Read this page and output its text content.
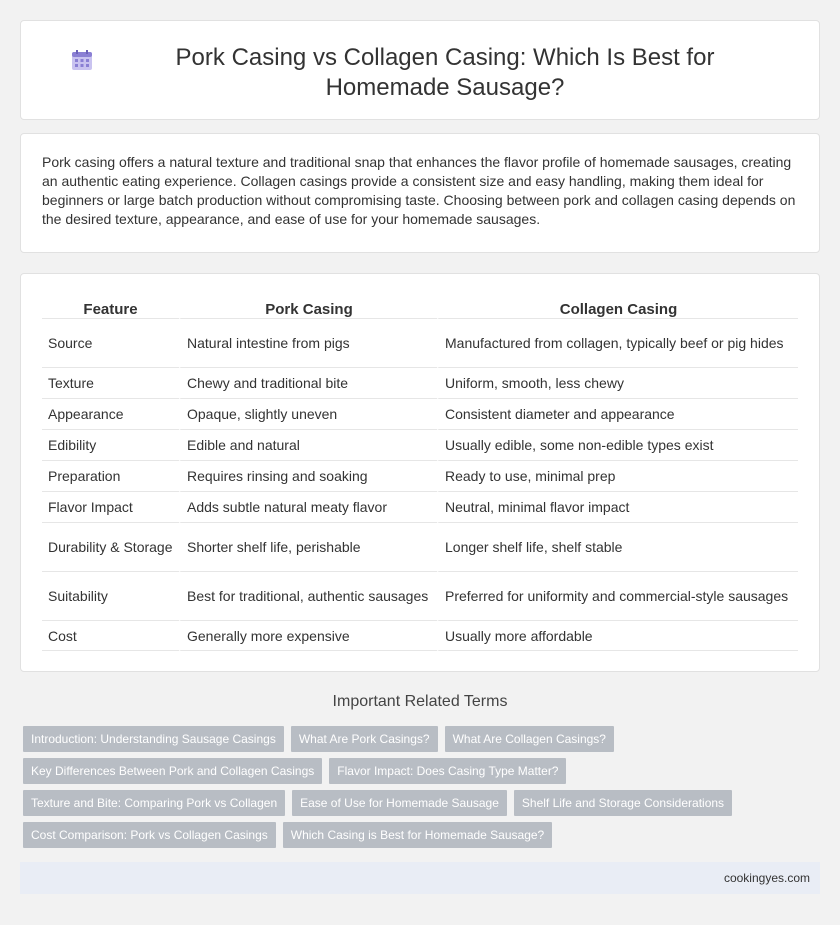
Pork Casing vs Collagen Casing: Which Is Best for Homemade Sausage?

Pork casing offers a natural texture and traditional snap that enhances the flavor profile of homemade sausages, creating an authentic eating experience. Collagen casings provide a consistent size and easy handling, making them ideal for beginners or large batch production without compromising taste. Choosing between pork and collagen casing depends on the desired texture, appearance, and ease of use for your homemade sausages.

Feature	Pork Casing	Collagen Casing
Source	Natural intestine from pigs	Manufactured from collagen, typically beef or pig hides
Texture	Chewy and traditional bite	Uniform, smooth, less chewy
Appearance	Opaque, slightly uneven	Consistent diameter and appearance
Edibility	Edible and natural	Usually edible, some non-edible types exist
Preparation	Requires rinsing and soaking	Ready to use, minimal prep
Flavor Impact	Adds subtle natural meaty flavor	Neutral, minimal flavor impact
Durability & Storage	Shorter shelf life, perishable	Longer shelf life, shelf stable
Suitability	Best for traditional, authentic sausages	Preferred for uniformity and commercial-style sausages
Cost	Generally more expensive	Usually more affordable
Important Related Terms
Introduction: Understanding Sausage Casings	What Are Pork Casings?	What Are Collagen Casings?
Key Differences Between Pork and Collagen Casings	Flavor Impact: Does Casing Type Matter?
Texture and Bite: Comparing Pork vs Collagen	Ease of Use for Homemade Sausage	Shelf Life and Storage Considerations
Cost Comparison: Pork vs Collagen Casings	Which Casing is Best for Homemade Sausage?
cookingyes.com
